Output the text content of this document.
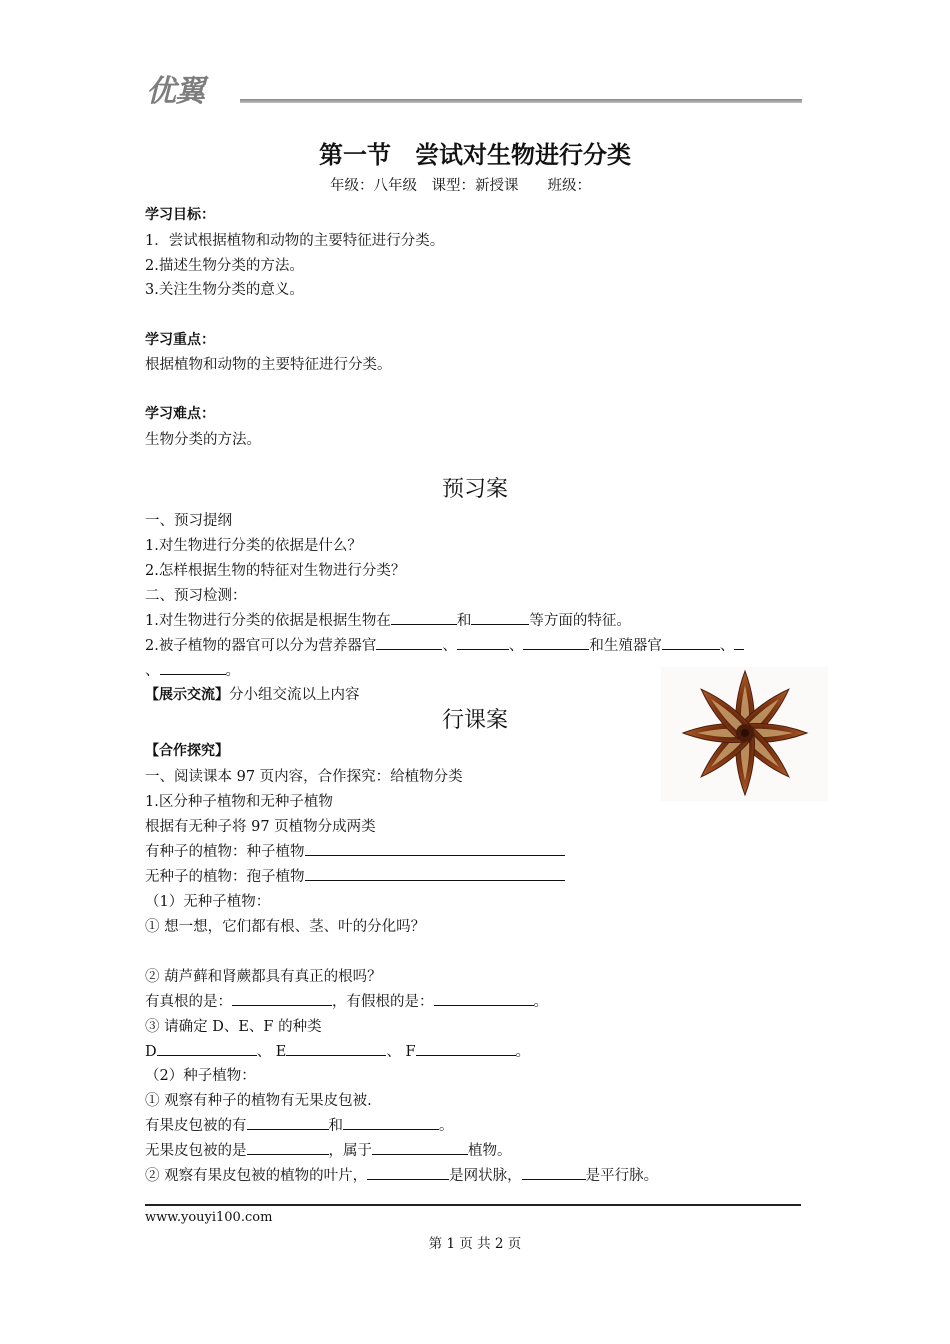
优翼
第一节　尝试对生物进行分类
年级：八年级　课型：新授课　　班级：
学习目标：
1．尝试根据植物和动物的主要特征进行分类。
2.描述生物分类的方法。
3.关注生物分类的意义。
学习重点：
根据植物和动物的主要特征进行分类。
学习难点：
生物分类的方法。
预习案
一、预习提纲
1.对生物进行分类的依据是什么？
2.怎样根据生物的特征对生物进行分类？
二、预习检测：
1.对生物进行分类的依据是根据生物在	和	等方面的特征。
2.被子植物的器官可以分为营养器官	、	、	和生殖器官	、
、	。
【展示交流】分小组交流以上内容
行课案
【合作探究】
一、阅读课本 97 页内容，合作探究：给植物分类
1.区分种子植物和无种子植物
根据有无种子将 97 页植物分成两类
有种子的植物：种子植物
无种子的植物：孢子植物
（1）无种子植物：
① 想一想，它们都有根、茎、叶的分化吗？
② 葫芦藓和肾蕨都具有真正的根吗？
有真根的是：	，有假根的是：	。
③ 请确定 D、E、F 的种类
D	、 E	、 F	。
（2）种子植物：
① 观察有种子的植物有无果皮包被.
有果皮包被的有	和	。
无果皮包被的是	，属于	植物。
② 观察有果皮包被的植物的叶片，	是网状脉，	是平行脉。
www.youyi100.com
第 1 页 共 2 页
